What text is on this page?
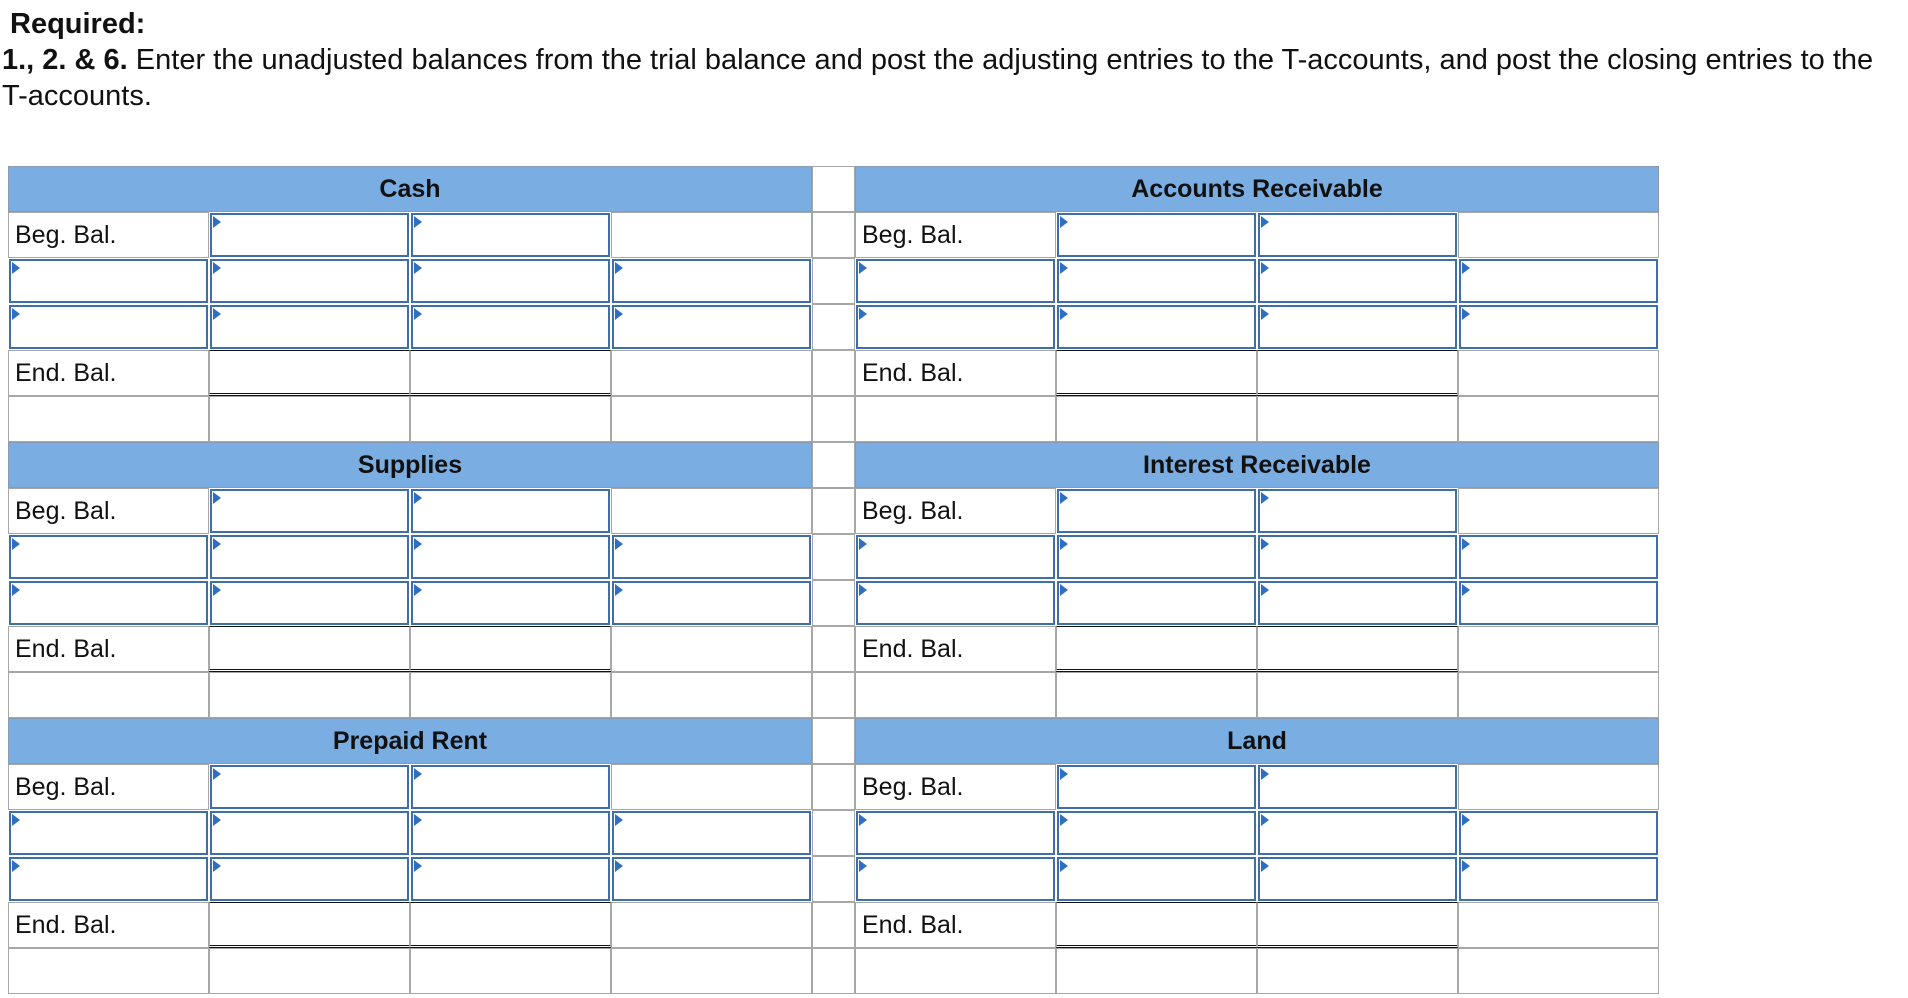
Required:
1., 2. & 6. Enter the unadjusted balances from the trial balance and post the adjusting entries to the T-accounts, and post the closing entries to the T-accounts.
Cash
Beg. Bal.
End. Bal.
Accounts Receivable
Beg. Bal.
End. Bal.
Supplies
Beg. Bal.
End. Bal.
Interest Receivable
Beg. Bal.
End. Bal.
Prepaid Rent
Beg. Bal.
End. Bal.
Land
Beg. Bal.
End. Bal.
